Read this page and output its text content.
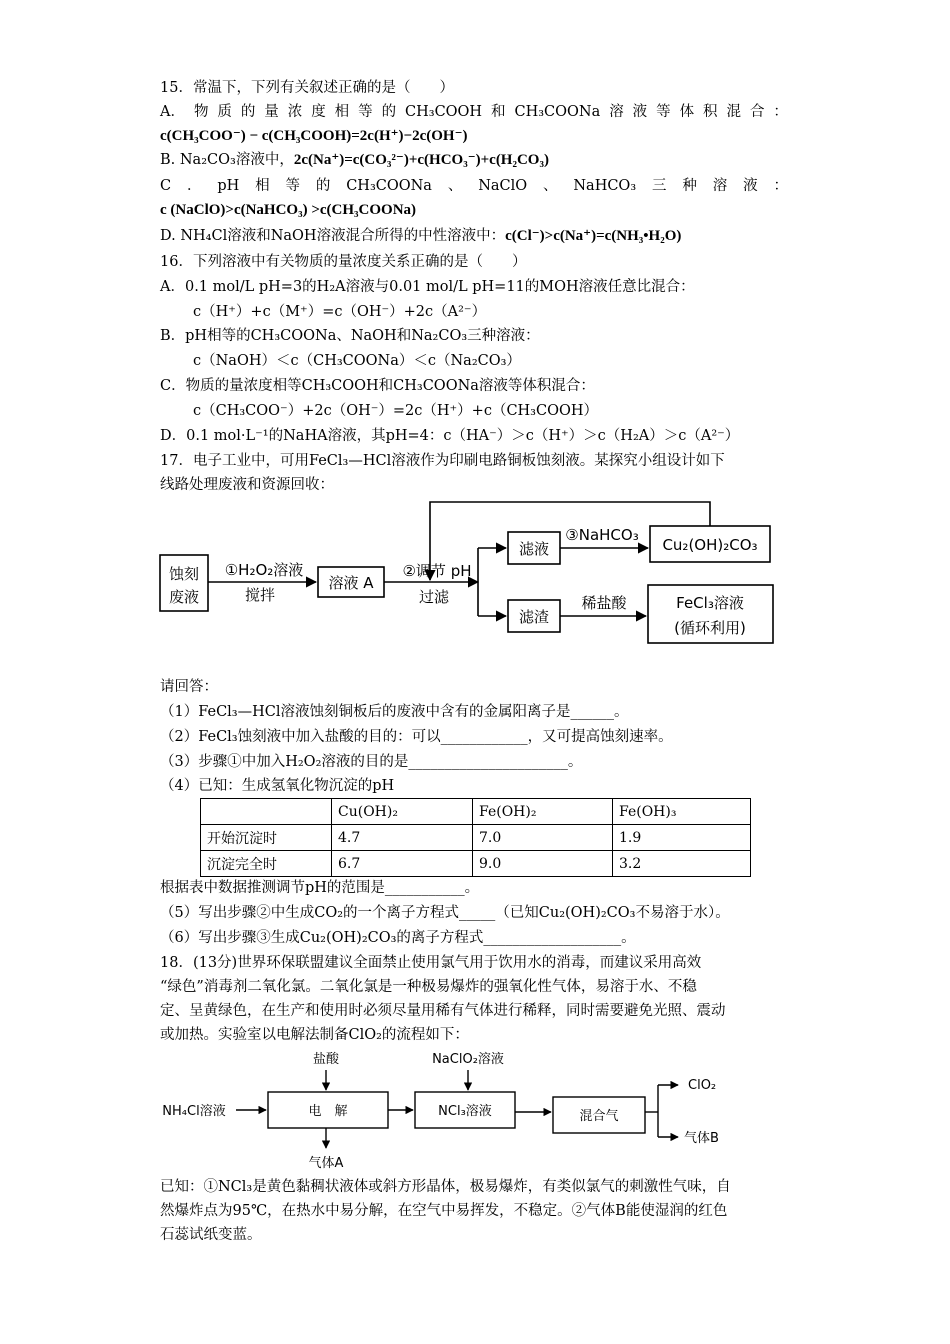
15．常温下，下列有关叙述正确的是（　　）
A． 物 质 的 量 浓 度 相 等 的 CH₃COOH 和 CH₃COONa 溶 液 等 体 积 混 合 ：
c(CH₃COO⁻) − c(CH₃COOH)=2c(H⁺)−2c(OH⁻)
B. Na₂CO₃溶液中，2c(Na⁺)=c(CO₃²⁻)+c(HCO₃⁻)+c(H₂CO₃)
C ． pH 相 等 的 CH₃COONa 、 NaClO 、 NaHCO₃ 三 种 溶 液 ：
c (NaClO)>c(NaHCO₃) >c(CH₃COONa)
D. NH₄Cl溶液和NaOH溶液混合所得的中性溶液中：c(Cl⁻)>c(Na⁺)=c(NH₃•H₂O)
16．下列溶液中有关物质的量浓度关系正确的是（　　）
A．0.1 mol/L pH=3的H₂A溶液与0.01 mol/L pH=11的MOH溶液任意比混合：
c（H⁺）+c（M⁺）=c（OH⁻）+2c（A²⁻）
B．pH相等的CH₃COONa、NaOH和Na₂CO₃三种溶液：
c（NaOH）＜c（CH₃COONa）＜c（Na₂CO₃）
C．物质的量浓度相等CH₃COOH和CH₃COONa溶液等体积混合：
c（CH₃COO⁻）+2c（OH⁻）=2c（H⁺）+c（CH₃COOH）
D．0.1 mol·L⁻¹的NaHA溶液，其pH=4：c（HA⁻）＞c（H⁺）＞c（H₂A）＞c（A²⁻）
17．电子工业中，可用FeCl₃—HCl溶液作为印刷电路铜板蚀刻液。某探究小组设计如下
线路处理废液和资源回收：
蚀刻
废液
①H₂O₂溶液
搅拌
溶液 A
②调节 pH
过滤
滤液
③NaHCO₃
Cu₂(OH)₂CO₃
滤渣
稀盐酸	FeCl₃溶液
(循环利用)
请回答：
（1）FeCl₃—HCl溶液蚀刻铜板后的废液中含有的金属阳离子是______。
（2）FeCl₃蚀刻液中加入盐酸的目的：可以____________，又可提高蚀刻速率。
（3）步骤①中加入H₂O₂溶液的目的是______________________。
（4）已知：生成氢氧化物沉淀的pH
	Cu(OH)₂	Fe(OH)₂	Fe(OH)₃
开始沉淀时	4.7	7.0	1.9
沉淀完全时	6.7	9.0	3.2
根据表中数据推测调节pH的范围是___________。
（5）写出步骤②中生成CO₂的一个离子方程式_____（已知Cu₂(OH)₂CO₃不易溶于水）。
（6）写出步骤③生成Cu₂(OH)₂CO₃的离子方程式___________________。
18．(13分)世界环保联盟建议全面禁止使用氯气用于饮用水的消毒，而建议采用高效
“绿色”消毒剂二氧化氯。二氧化氯是一种极易爆炸的强氧化性气体，易溶于水、不稳
定、呈黄绿色，在生产和使用时必须尽量用稀有气体进行稀释，同时需要避免光照、震动
或加热。实验室以电解法制备ClO₂的流程如下：
盐酸	NaClO₂溶液
NH₄Cl溶液	电　解	NCl₃溶液	混合气
ClO₂
气体B
气体A
已知：①NCl₃是黄色黏稠状液体或斜方形晶体，极易爆炸，有类似氯气的刺激性气味，自
然爆炸点为95℃，在热水中易分解，在空气中易挥发，不稳定。②气体B能使湿润的红色
石蕊试纸变蓝。
